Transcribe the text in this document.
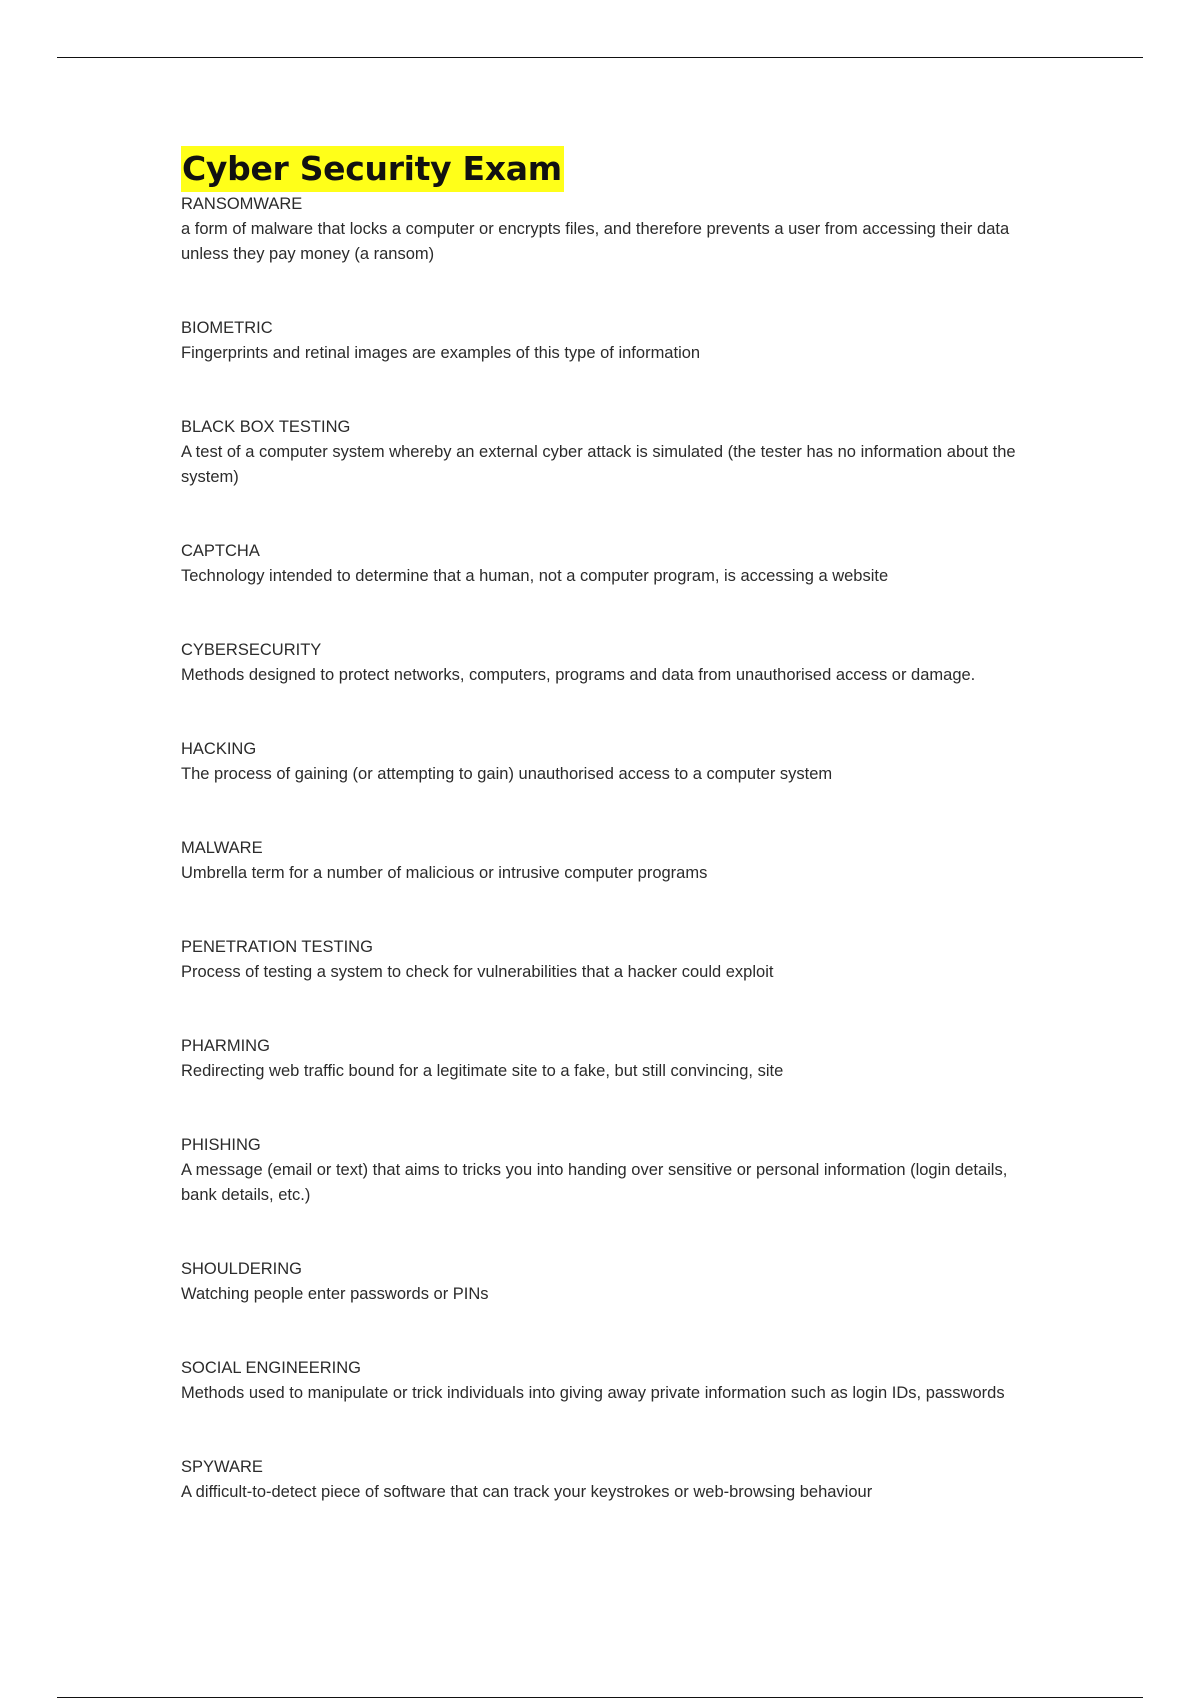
Cyber Security Exam
RANSOMWARE
a form of malware that locks a computer or encrypts files, and therefore prevents a user from accessing their data unless they pay money (a ransom)
BIOMETRIC
Fingerprints and retinal images are examples of this type of information
BLACK BOX TESTING
A test of a computer system whereby an external cyber attack is simulated (the tester has no information about the system)
CAPTCHA
Technology intended to determine that a human, not a computer program, is accessing a website
CYBERSECURITY
Methods designed to protect networks, computers, programs and data from unauthorised access or damage.
HACKING
The process of gaining (or attempting to gain) unauthorised access to a computer system
MALWARE
Umbrella term for a number of malicious or intrusive computer programs
PENETRATION TESTING
Process of testing a system to check for vulnerabilities that a hacker could exploit
PHARMING
Redirecting web traffic bound for a legitimate site to a fake, but still convincing, site
PHISHING
A message (email or text) that aims to tricks you into handing over sensitive or personal information (login details, bank details, etc.)
SHOULDERING
Watching people enter passwords or PINs
SOCIAL ENGINEERING
Methods used to manipulate or trick individuals into giving away private information such as login IDs, passwords
SPYWARE
A difficult-to-detect piece of software that can track your keystrokes or web-browsing behaviour
